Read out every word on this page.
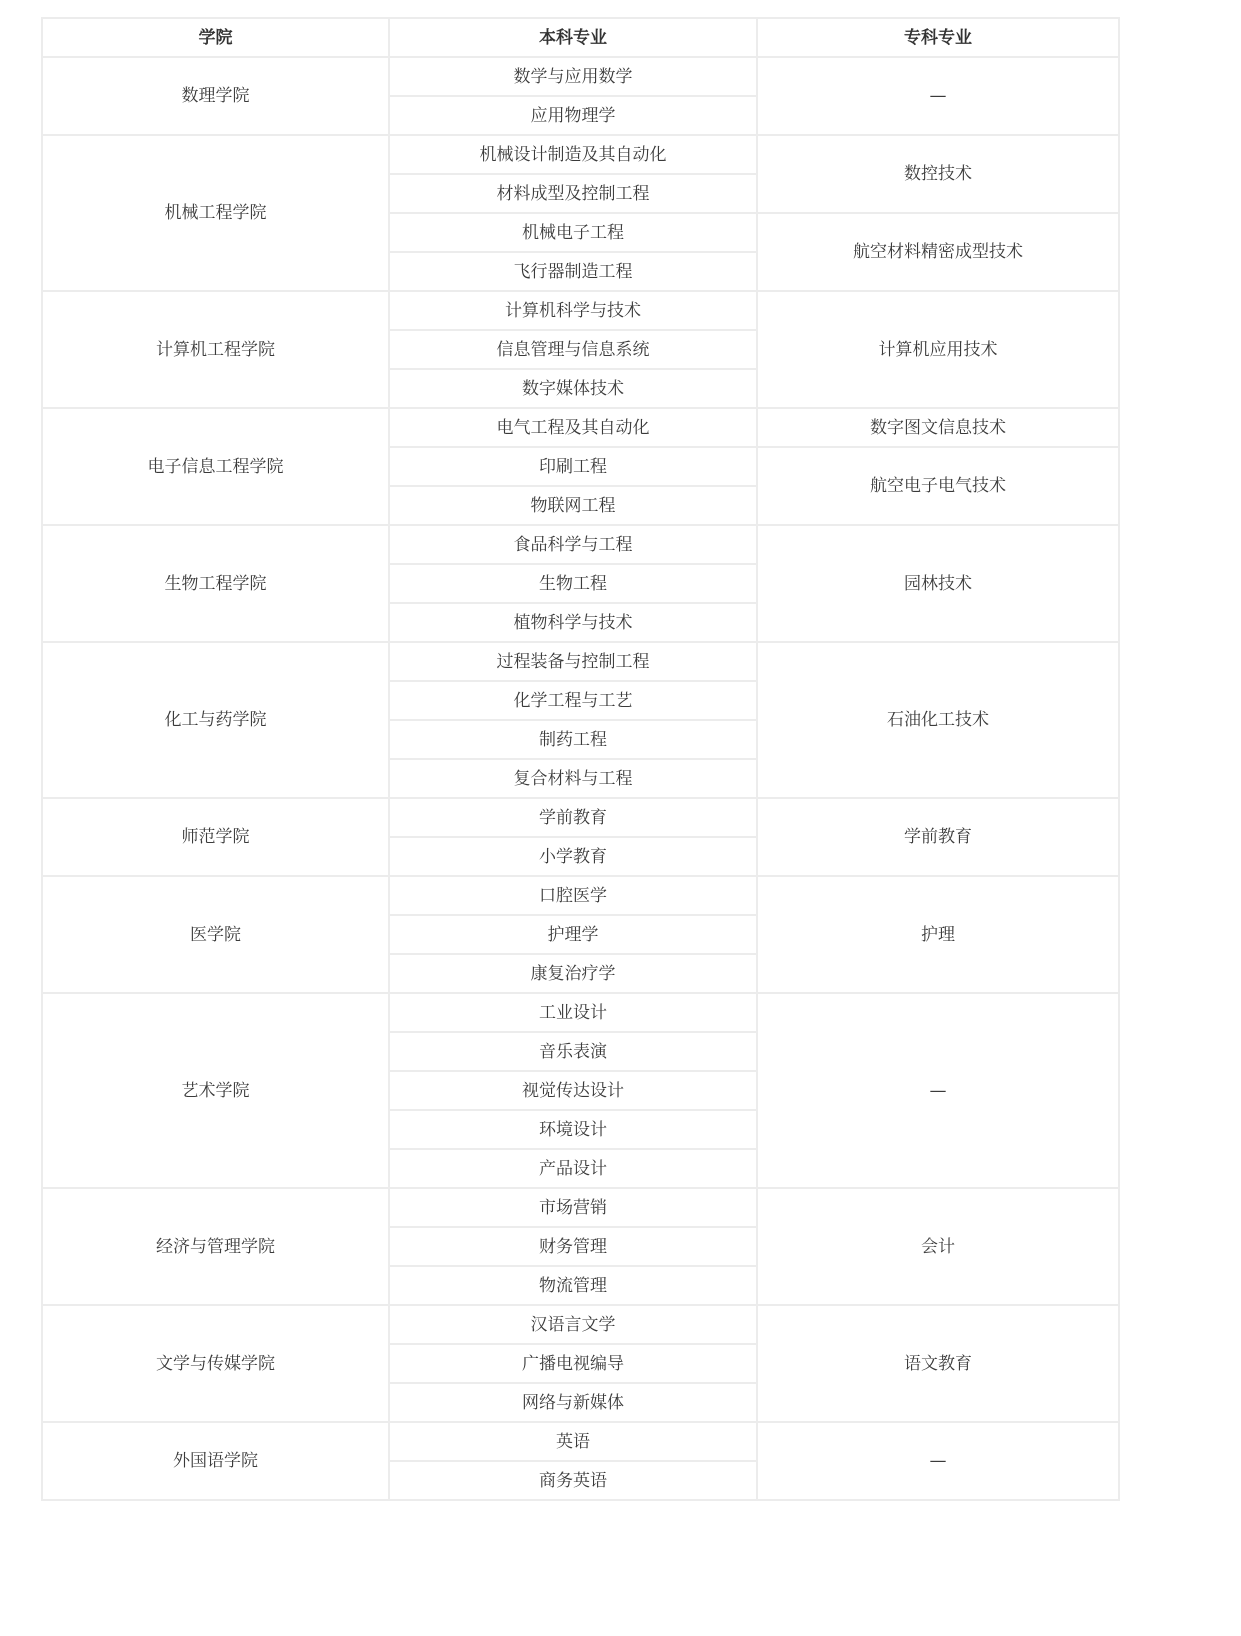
学院	本科专业	专科专业
数理学院	数学与应用数学	—
	应用物理学	
机械工程学院	机械设计制造及其自动化	数控技术
	材料成型及控制工程	
	机械电子工程	航空材料精密成型技术
	飞行器制造工程	
计算机工程学院	计算机科学与技术	计算机应用技术
	信息管理与信息系统	
	数字媒体技术	
电子信息工程学院	电气工程及其自动化	数字图文信息技术
	印刷工程	航空电子电气技术
	物联网工程	
生物工程学院	食品科学与工程	园林技术
	生物工程	
	植物科学与技术	
化工与药学院	过程装备与控制工程	石油化工技术
	化学工程与工艺	
	制药工程	
	复合材料与工程	
师范学院	学前教育	学前教育
	小学教育	
医学院	口腔医学	护理
	护理学	
	康复治疗学	
艺术学院	工业设计	—
	音乐表演	
	视觉传达设计	
	环境设计	
	产品设计	
经济与管理学院	市场营销	会计
	财务管理	
	物流管理	
文学与传媒学院	汉语言文学	语文教育
	广播电视编导	
	网络与新媒体	
外国语学院	英语	—
	商务英语	
